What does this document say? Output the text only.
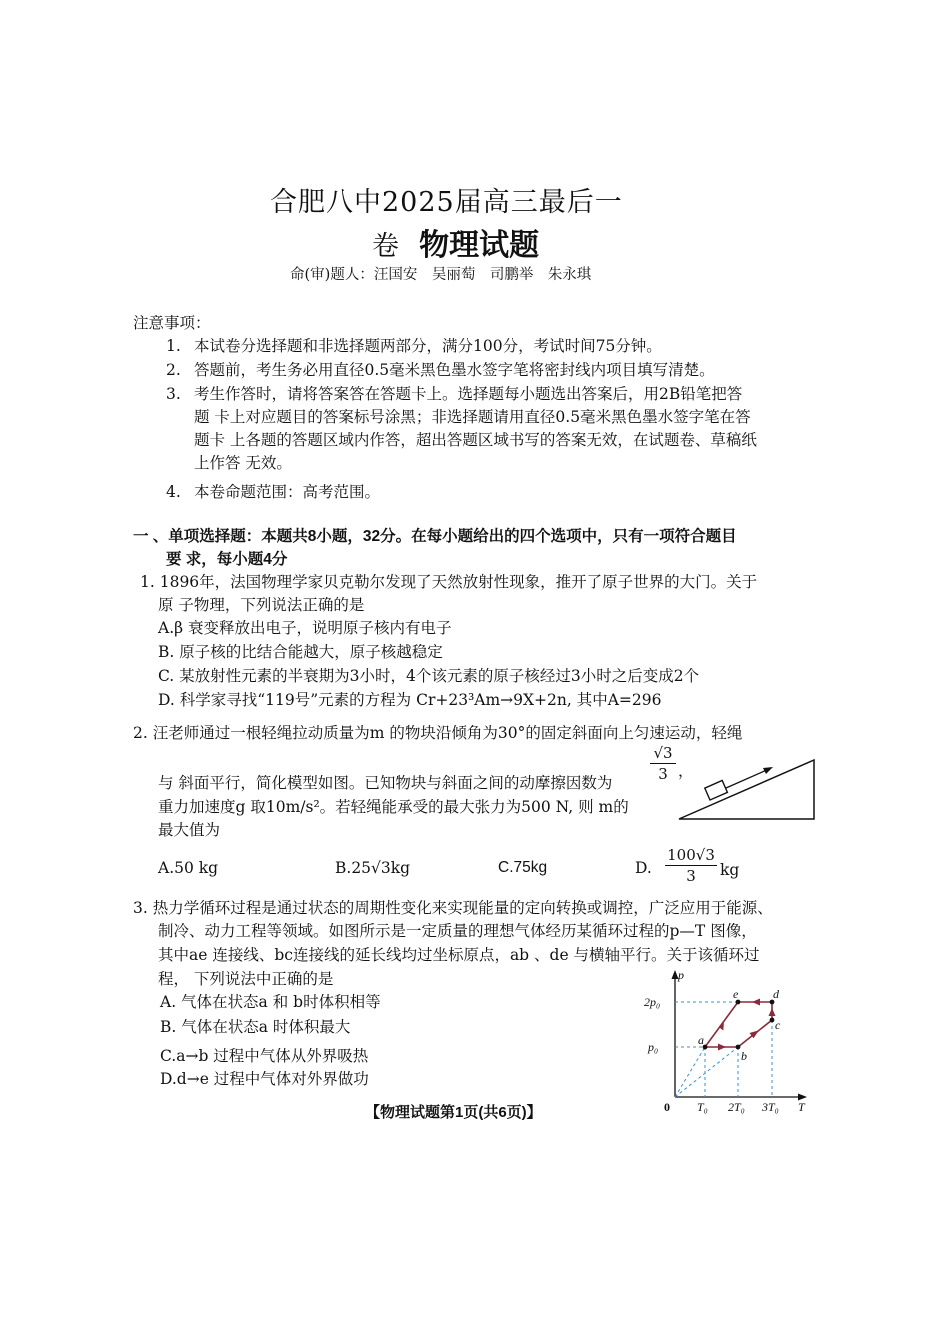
合肥八中2025届高三最后一
卷 物理试题
命(审)题人：汪国安　吴丽萄　司鹏举　朱永琪
注意事项：
1. 本试卷分选择题和非选择题两部分，满分100分，考试时间75分钟。
2. 答题前，考生务必用直径0.5毫米黑色墨水签字笔将密封线内项目填写清楚。
3. 考生作答时，请将答案答在答题卡上。选择题每小题选出答案后，用2B铅笔把答
题 卡上对应题目的答案标号涂黑；非选择题请用直径0.5毫米黑色墨水签字笔在答
题卡 上各题的答题区域内作答，超出答题区域书写的答案无效，在试题卷、草稿纸
上作答 无效。
4. 本卷命题范围：高考范围。
一 、单项选择题：本题共8小题，32分。在每小题给出的四个选项中，只有一项符合题目
要 求，每小题4分
1. 1896年，法国物理学家贝克勒尔发现了天然放射性现象，推开了原子世界的大门。关于
原 子物理，下列说法正确的是
A.β 衰变释放出电子，说明原子核内有电子
B. 原子核的比结合能越大，原子核越稳定
C. 某放射性元素的半衰期为3小时，4个该元素的原子核经过3小时之后变成2个
D. 科学家寻找“119号”元素的方程为 Cr+23³Am→9X+2n, 其中A=296
2. 汪老师通过一根轻绳拉动质量为m 的物块沿倾角为30°的固定斜面向上匀速运动，轻绳
与 斜面平行，简化模型如图。已知物块与斜面之间的动摩擦因数为
√3
3 ，
重力加速度g 取10m/s²。若轻绳能承受的最大张力为500 N, 则 m的
最大值为
A.50 kg	B.25√3kg	C.75kg	D.
100√3
3	kg
3. 热力学循环过程是通过状态的周期性变化来实现能量的定向转换或调控，广泛应用于能源、
制冷、动力工程等领域。如图所示是一定质量的理想气体经历某循环过程的p—T 图像，
其中ae 连接线、bc连接线的延长线均过坐标原点，ab 、de 与横轴平行。关于该循环过
程， 下列说法中正确的是
A. 气体在状态a 和 b时体积相等
B. 气体在状态a 时体积最大
C.a→b 过程中气体从外界吸热
D.d→e 过程中气体对外界做功
p
T
2p₀
p₀
T₀ 2T₀ 3T₀
a
b
c
d
e
0
【物理试题第1页(共6页)】
